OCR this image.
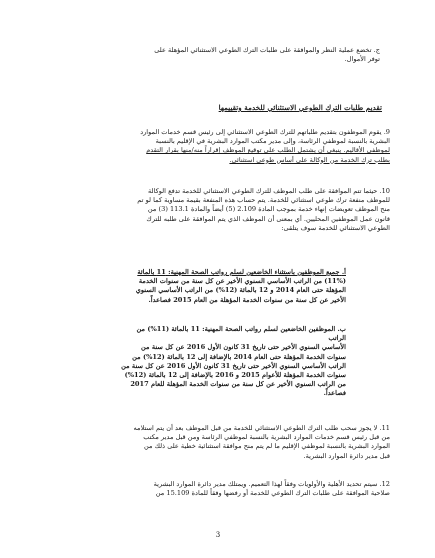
ج. تخضع عملية النظر والموافقة على طلبات الترك الطوعي الاستثنائي المؤهلة على
توفر الأموال.
تقديم طلبات الترك الطوعي الاستثنائي للخدمة وتقييمها
9. يقوم الموظفون بتقديم طلباتهم للترك الطوعي الاستثنائي إلى رئيس قسم خدمات الموارد
البشرية بالنسبة لموظفي الرئاسة، وإلى مدير مكتب الموارد البشرية في الإقليم بالنسبة
لموظفي الأقاليم. ينبغي أن يشتمل الطلب على توقيع الموظف إقراراً منه/منها بقرار التقدم
بطلب ترك الخدمة من الوكالة على أساس طوعي استثنائي.
10. حيثما تتم الموافقة على طلب الموظف للترك الطوعي الاستثنائي للخدمة تدفع الوكالة
للموظف منفعة ترك طوعي استثنائي للخدمة. يتم حساب هذه المنفعة بقيمة مساوية كما لو تم
منح الموظف تعويضات إنهاء خدمة بموجب المادة 2.109 (5) أيضاً والمادة 113.1 (3) من
قانون عمل الموظفين المحليين. أي بمعنى أن الموظف الذي يتم الموافقة على طلبه للترك
الطوعي الاستثنائي للخدمة سوف يتلقى:
أ. جميع الموظفين باستثناء الخاضعين لسلم رواتب الصحة المهنية: 11 بالمائة
(11%) من الراتب الأساسي السنوي الأخير عن كل سنة من سنوات الخدمة
المؤهلة حتى العام 2014 و 12 بالمائة (12%) من الراتب الأساسي السنوي
الأخير عن كل سنة من سنوات الخدمة المؤهلة من العام 2015 فصاعداً.
ب. الموظفين الخاضعين لسلم رواتب الصحة المهنية: 11 بالمائة (11%) من الراتب
الأساسي السنوي الأخير حتى تاريخ 31 كانون الأول 2016 عن كل سنة من
سنوات الخدمة المؤهلة حتى العام 2014 بالإضافة إلى 12 بالمائة (12%) من
الراتب الأساسي السنوي الأخير حتى تاريخ 31 كانون الأول 2016 عن كل سنة من
سنوات الخدمة المؤهلة للأعوام 2015 و 2016 بالإضافة إلى 12 بالمائة (12%)
من الراتب السنوي الأخير عن كل سنة من سنوات الخدمة المؤهلة للعام 2017
فصاعداً.
11. لا يجوز سحب طلب الترك الطوعي الاستثنائي للخدمة من قبل الموظف بعد أن يتم استلامه
من قبل رئيس قسم خدمات الموارد البشرية بالنسبة لموظفي الرئاسة ومن قبل مدير مكتب
الموارد البشرية بالنسبة لموظفي الإقليم ما لم يتم منح موافقة استثنائية خطية على ذلك من
قبل مدير دائرة الموارد البشرية.
12. سيتم تحديد الأهلية والأولويات وفقاً لهذا التعميم. ويمتلك مدير دائرة الموارد البشرية
صلاحية الموافقة على طلبات الترك الطوعي للخدمة أو رفضها وفقاً للمادة 15.109 من
3
